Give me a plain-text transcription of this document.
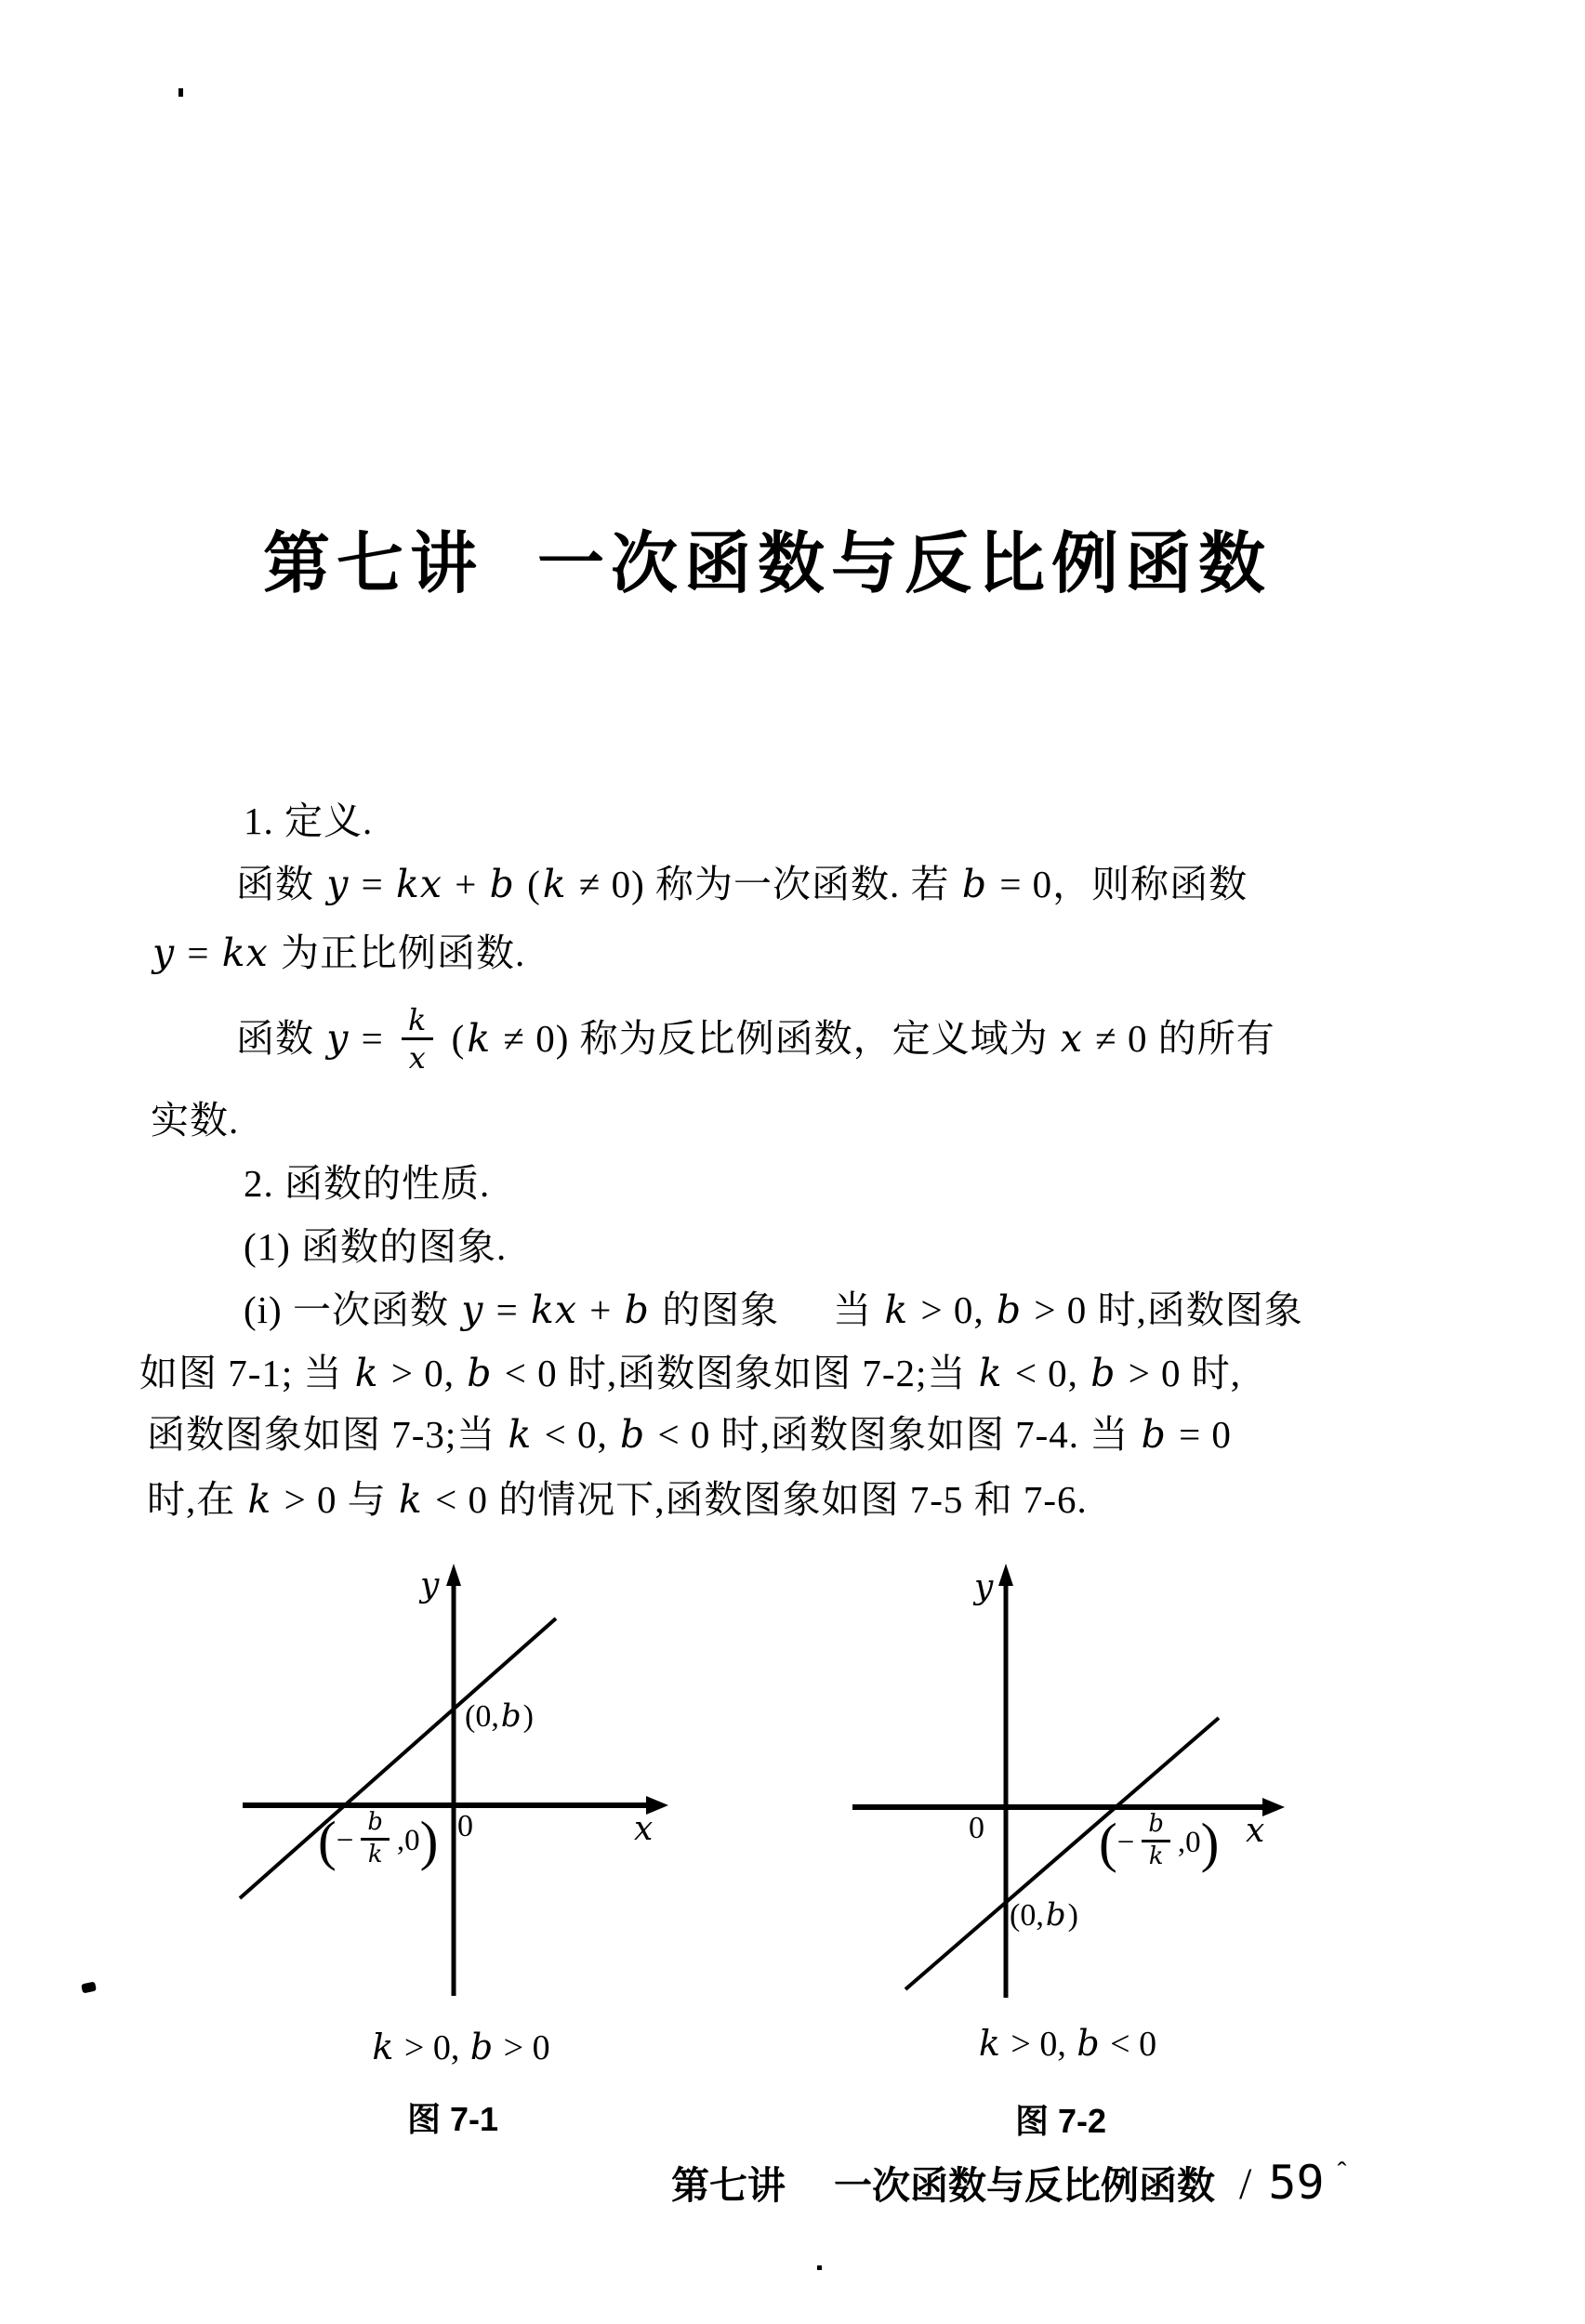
第七讲 一次函数与反比例函数
1. 定义.
函数 y = kx + b (k ≠ 0) 称为一次函数. 若 b = 0，则称函数
y = kx 为正比例函数.
函数 $y = \frac{k}{x} (k \ne 0)$ 称为反比例函数，定义域为 x ≠ 0 的所有
实数.
2. 函数的性质.
(1) 函数的图象.
(i) 一次函数 y = kx + b 的图象 当 k > 0, b > 0 时,函数图象
如图 7-1; 当 k > 0, b < 0 时,函数图象如图 7-2;当 k < 0, b > 0 时,
函数图象如图 7-3;当 k < 0, b < 0 时,函数图象如图 7-4. 当 b = 0
时,在 k > 0 与 k < 0 的情况下,函数图象如图 7-5 和 7-6.
y
x
0
(0,b)
(− $\frac{b}{k} ,0$)
k > 0, b > 0
图 7-1
y
x
0 (− $\frac{b}{k} ,0$)
(0,b)
k > 0, b < 0
图 7-2
第七讲 一次函数与反比例函数 / 59 ˆ
